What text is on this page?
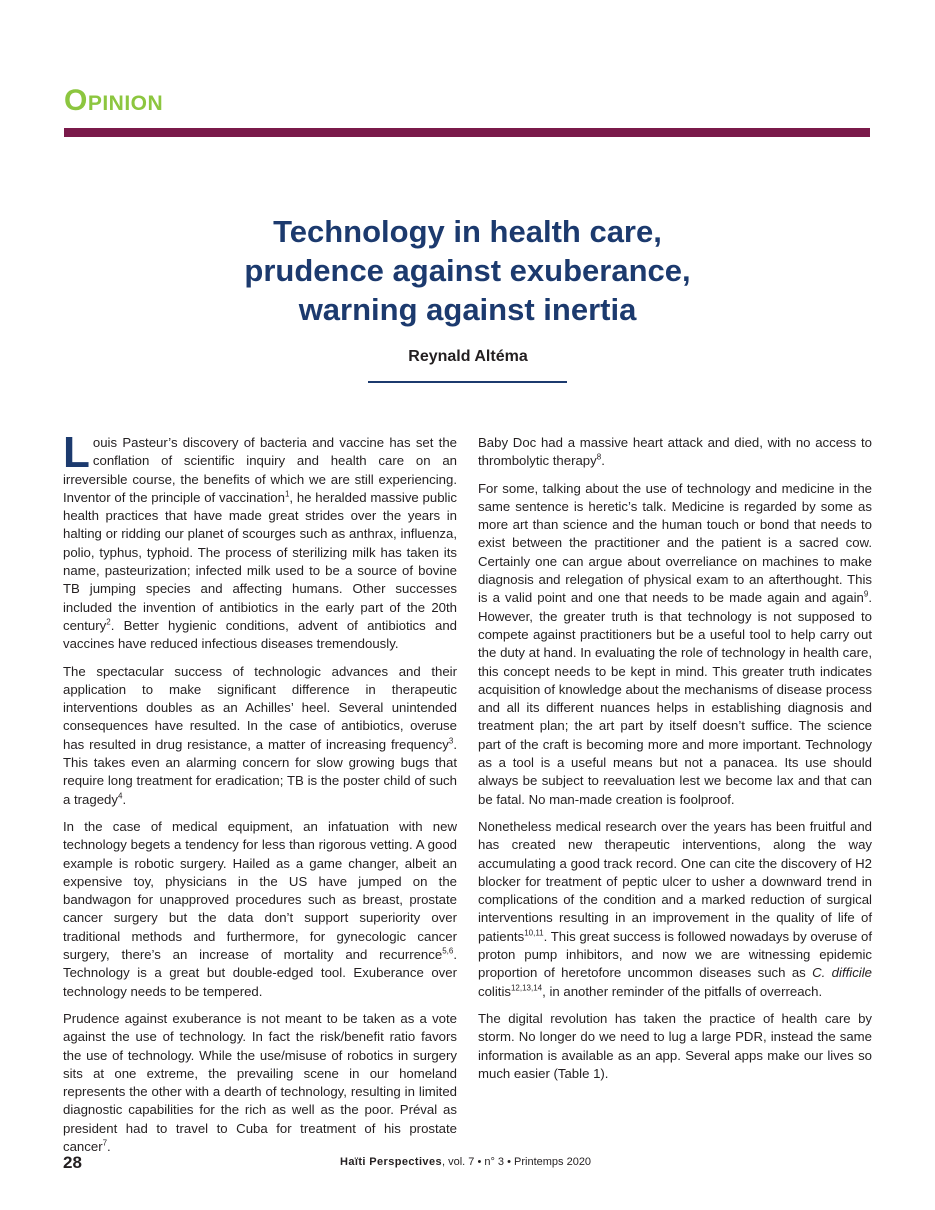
Opinion
Technology in health care,
prudence against exuberance,
warning against inertia
Reynald Altéma

Louis Pasteur’s discovery of bacteria and vaccine has set the conflation of scientific inquiry and health care on an irreversible course, the benefits of which we are still experiencing. Inventor of the principle of vaccination$^1$, he heralded massive public health practices that have made great strides over the years in halting or ridding our planet of scourges such as anthrax, influenza, polio, typhus, typhoid. The process of sterilizing milk has taken its name, pasteurization; infected milk used to be a source of bovine TB jumping species and affecting humans. Other successes included the invention of antibiotics in the early part of the 20th century$^2$. Better hygienic conditions, advent of antibiotics and vaccines have reduced infectious diseases tremendously.

The spectacular success of technologic advances and their application to make significant difference in therapeutic interventions doubles as an Achilles’ heel. Several unintended consequences have resulted. In the case of antibiotics, overuse has resulted in drug resistance, a matter of increasing frequency$^3$. This takes even an alarming concern for slow growing bugs that require long treatment for eradication; TB is the poster child of such a tragedy$^4$.

In the case of medical equipment, an infatuation with new technology begets a tendency for less than rigorous vetting. A good example is robotic surgery. Hailed as a game changer, albeit an expensive toy, physicians in the US have jumped on the bandwagon for unapproved procedures such as breast, prostate cancer surgery but the data don’t support superiority over traditional methods and furthermore, for gynecologic cancer surgery, there’s an increase of mortality and recurrence$^{5,6}$. Technology is a great but double-edged tool. Exuberance over technology needs to be tempered.

Prudence against exuberance is not meant to be taken as a vote against the use of technology. In fact the risk/benefit ratio favors the use of technology. While the use/misuse of robotics in surgery sits at one extreme, the prevailing scene in our homeland represents the other with a dearth of technology, resulting in limited diagnostic capabilities for the rich as well as the poor. Préval as president had to travel to Cuba for treatment of his prostate cancer$^7$.

Baby Doc had a massive heart attack and died, with no access to thrombolytic therapy$^8$.

For some, talking about the use of technology and medicine in the same sentence is heretic’s talk. Medicine is regarded by some as more art than science and the human touch or bond that needs to exist between the practitioner and the patient is a sacred cow. Certainly one can argue about overreliance on machines to make diagnosis and relegation of physical exam to an afterthought. This is a valid point and one that needs to be made again and again$^9$. However, the greater truth is that technology is not supposed to compete against practitioners but be a useful tool to help carry out the duty at hand. In evaluating the role of technology in health care, this concept needs to be kept in mind. This greater truth indicates acquisition of knowledge about the mechanisms of disease process and all its different nuances helps in establishing diagnosis and treatment plan; the art part by itself doesn’t suffice. The science part of the craft is becoming more and more important. Technology as a tool is a useful means but not a panacea. Its use should always be subject to reevaluation lest we become lax and that can be fatal. No man-made creation is foolproof.

Nonetheless medical research over the years has been fruitful and has created new therapeutic interventions, along the way accumulating a good track record. One can cite the discovery of H2 blocker for treatment of peptic ulcer to usher a downward trend in complications of the condition and a marked reduction of surgical interventions resulting in an improvement in the quality of life of patients$^{10,11}$. This great success is followed nowadays by overuse of proton pump inhibitors, and now we are witnessing epidemic proportion of heretofore uncommon diseases such as C. difficile colitis$^{12,13,14}$, in another reminder of the pitfalls of overreach.

The digital revolution has taken the practice of health care by storm. No longer do we need to lug a large PDR, instead the same information is available as an app. Several apps make our lives so much easier (Table 1).

28	Haïti Perspectives, vol. 7 • n° 3 • Printemps 2020
